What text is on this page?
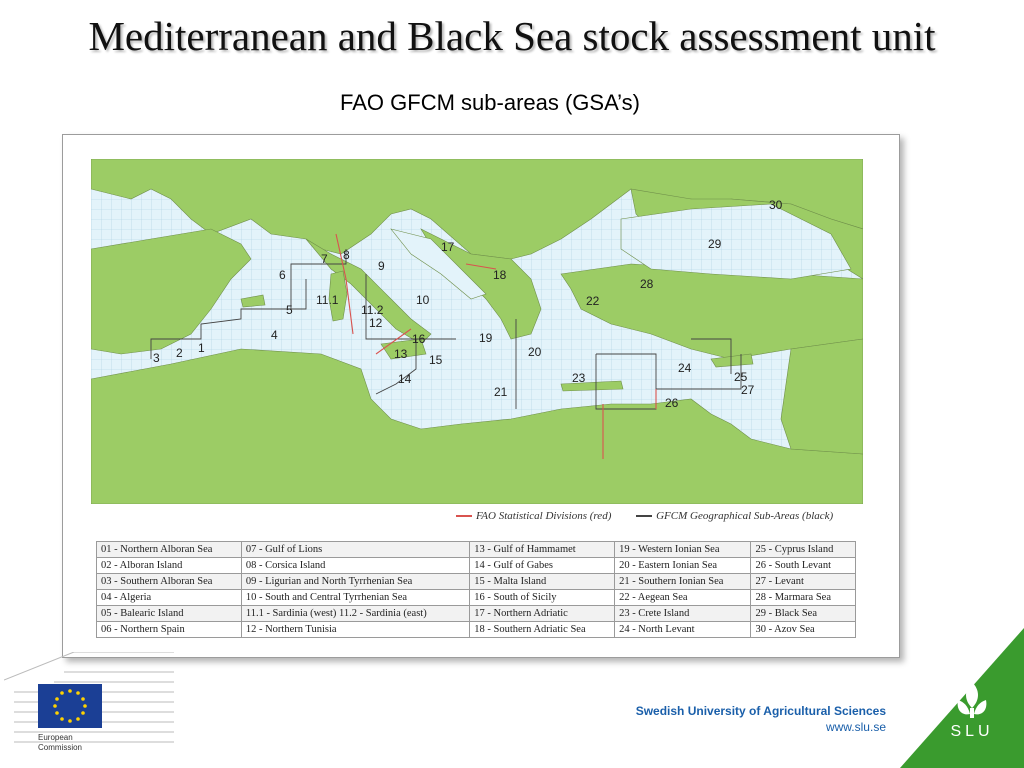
Mediterranean and Black Sea stock assessment unit
FAO GFCM sub-areas (GSA’s)
1
2
3
4
5
6
7 8
9
10
11.1
11.2
12
13
14
15
16
17
18
19
20
21
22
23
24
25
26
27
28
29
30
FAO Statistical Divisions (red)	GFCM Geographical Sub-Areas (black)
01 - Northern Alboran Sea	07 - Gulf of Lions	13 - Gulf of Hammamet	19 - Western Ionian Sea	25 - Cyprus Island
02 - Alboran Island	08 - Corsica Island	14 - Gulf of Gabes	20 - Eastern Ionian Sea	26 - South Levant
03 - Southern Alboran Sea	09 - Ligurian and North Tyrrhenian Sea	15 - Malta Island	21 - Southern Ionian Sea	27 - Levant
04 - Algeria	10 - South and Central Tyrrhenian Sea	16 - South of Sicily	22 - Aegean Sea	28 - Marmara Sea
05 - Balearic Island	11.1 - Sardinia (west) 11.2 - Sardinia (east)	17 - Northern Adriatic	23 - Crete Island	29 - Black Sea
06 - Northern Spain	12 - Northern Tunisia	18 - Southern Adriatic Sea	24 - North Levant	30 - Azov Sea
European
Commission
Swedish University of Agricultural Sciences
www.slu.se	SLU
